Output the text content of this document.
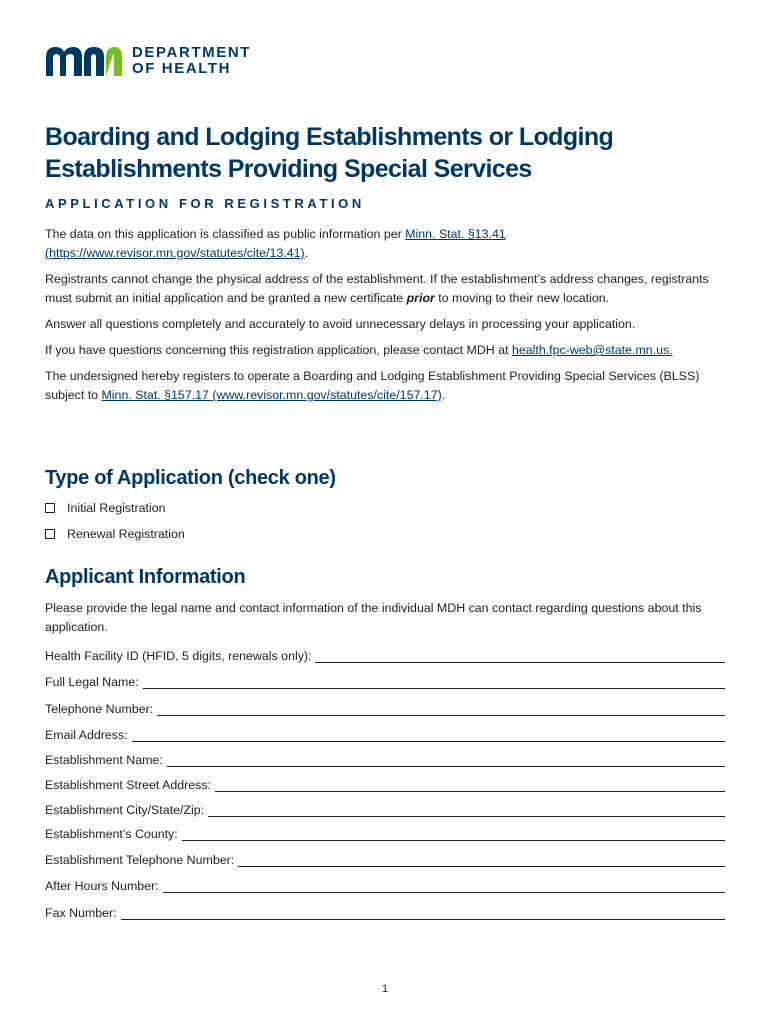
DEPARTMENT
OF HEALTH
Boarding and Lodging Establishments or Lodging Establishments Providing Special Services
APPLICATION FOR REGISTRATION

The data on this application is classified as public information per Minn. Stat. §13.41 (https://www.revisor.mn.gov/statutes/cite/13.41).

Registrants cannot change the physical address of the establishment. If the establishment’s address changes, registrants must submit an initial application and be granted a new certificate prior to moving to their new location.

Answer all questions completely and accurately to avoid unnecessary delays in processing your application.

If you have questions concerning this registration application, please contact MDH at health.fpc-web@state.mn.us.

The undersigned hereby registers to operate a Boarding and Lodging Establishment Providing Special Services (BLSS) subject to Minn. Stat. §157.17 (www.revisor.mn.gov/statutes/cite/157.17).

Type of Application (check one)
Initial Registration
Renewal Registration
Applicant Information

Please provide the legal name and contact information of the individual MDH can contact regarding questions about this application.

Health Facility ID (HFID, 5 digits, renewals only):
Full Legal Name:
Telephone Number:
Email Address:
Establishment Name:
Establishment Street Address:
Establishment City/State/Zip:
Establishment’s County:
Establishment Telephone Number:
After Hours Number:
Fax Number:
1
